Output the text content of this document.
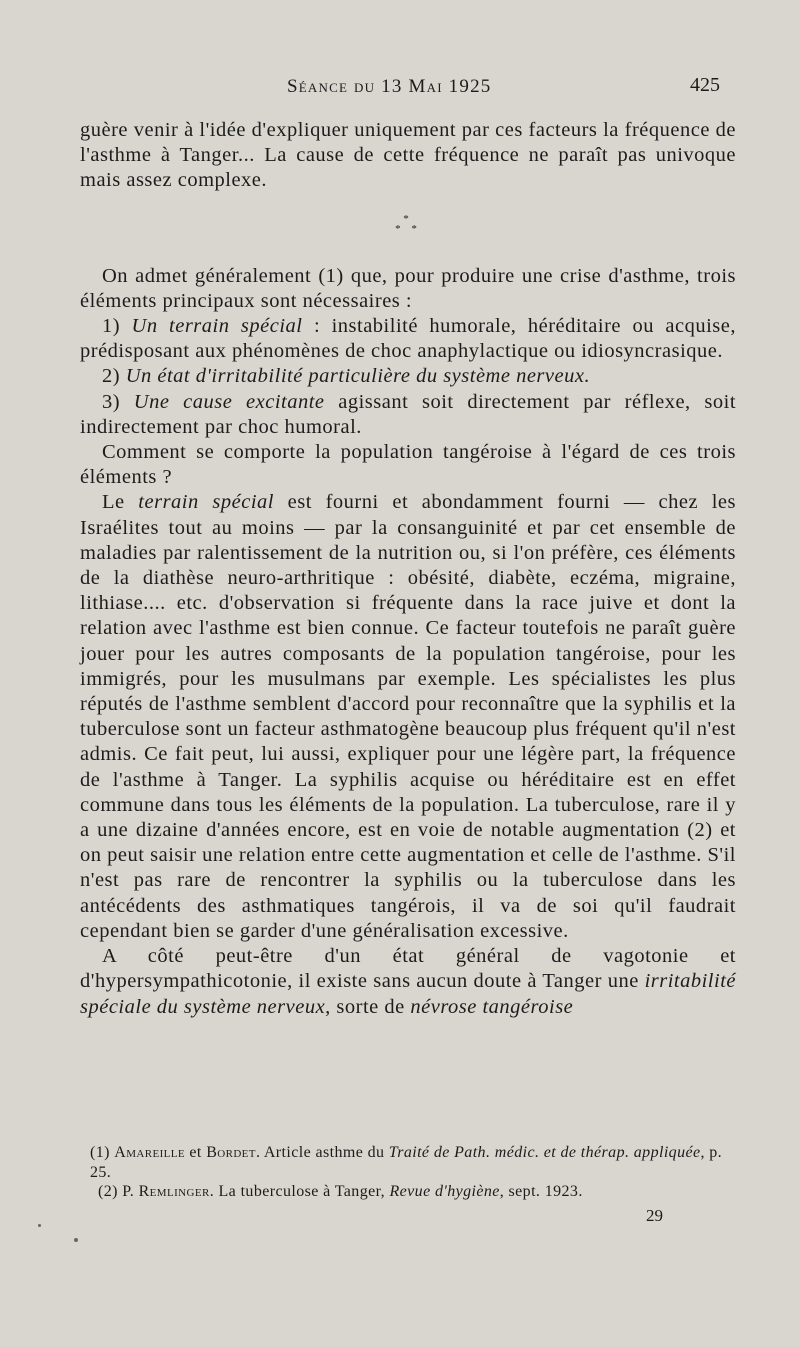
Séance du 13 Mai 1925	425

guère venir à l'idée d'expliquer uniquement par ces facteurs la fréquence de l'asthme à Tanger... La cause de cette fréquence ne paraît pas univoque mais assez complexe.

*
* *

On admet généralement (1) que, pour produire une crise d'asthme, trois éléments principaux sont nécessaires :

1) Un terrain spécial : instabilité humorale, héréditaire ou acquise, prédisposant aux phénomènes de choc anaphylactique ou idiosyncrasique.

2) Un état d'irritabilité particulière du système nerveux.

3) Une cause excitante agissant soit directement par réflexe, soit indirectement par choc humoral.

Comment se comporte la population tangéroise à l'égard de ces trois éléments ?

Le terrain spécial est fourni et abondamment fourni — chez les Israélites tout au moins — par la consanguinité et par cet ensemble de maladies par ralentissement de la nutrition ou, si l'on préfère, ces éléments de la diathèse neuro-arthritique : obésité, diabète, eczéma, migraine, lithiase.... etc. d'observation si fréquente dans la race juive et dont la relation avec l'asthme est bien connue. Ce facteur toutefois ne paraît guère jouer pour les autres composants de la population tangéroise, pour les immigrés, pour les musulmans par exemple. Les spécialistes les plus réputés de l'asthme semblent d'accord pour reconnaître que la syphilis et la tuberculose sont un facteur asthmatogène beaucoup plus fréquent qu'il n'est admis. Ce fait peut, lui aussi, expliquer pour une légère part, la fréquence de l'asthme à Tanger. La syphilis acquise ou héréditaire est en effet commune dans tous les éléments de la population. La tuberculose, rare il y a une dizaine d'années encore, est en voie de notable augmentation (2) et on peut saisir une relation entre cette augmentation et celle de l'asthme. S'il n'est pas rare de rencontrer la syphilis ou la tuberculose dans les antécédents des asthmatiques tangérois, il va de soi qu'il faudrait cependant bien se garder d'une généralisation excessive.

A côté peut-être d'un état général de vagotonie et d'hypersympathicotonie, il existe sans aucun doute à Tanger une irritabilité spéciale du système nerveux, sorte de névrose tangéroise

(1) Amareille et Bordet. Article asthme du Traité de Path. médic. et de thérap. appliquée, p. 25.

(2) P. Remlinger. La tuberculose à Tanger, Revue d'hygiène, sept. 1923.

29
